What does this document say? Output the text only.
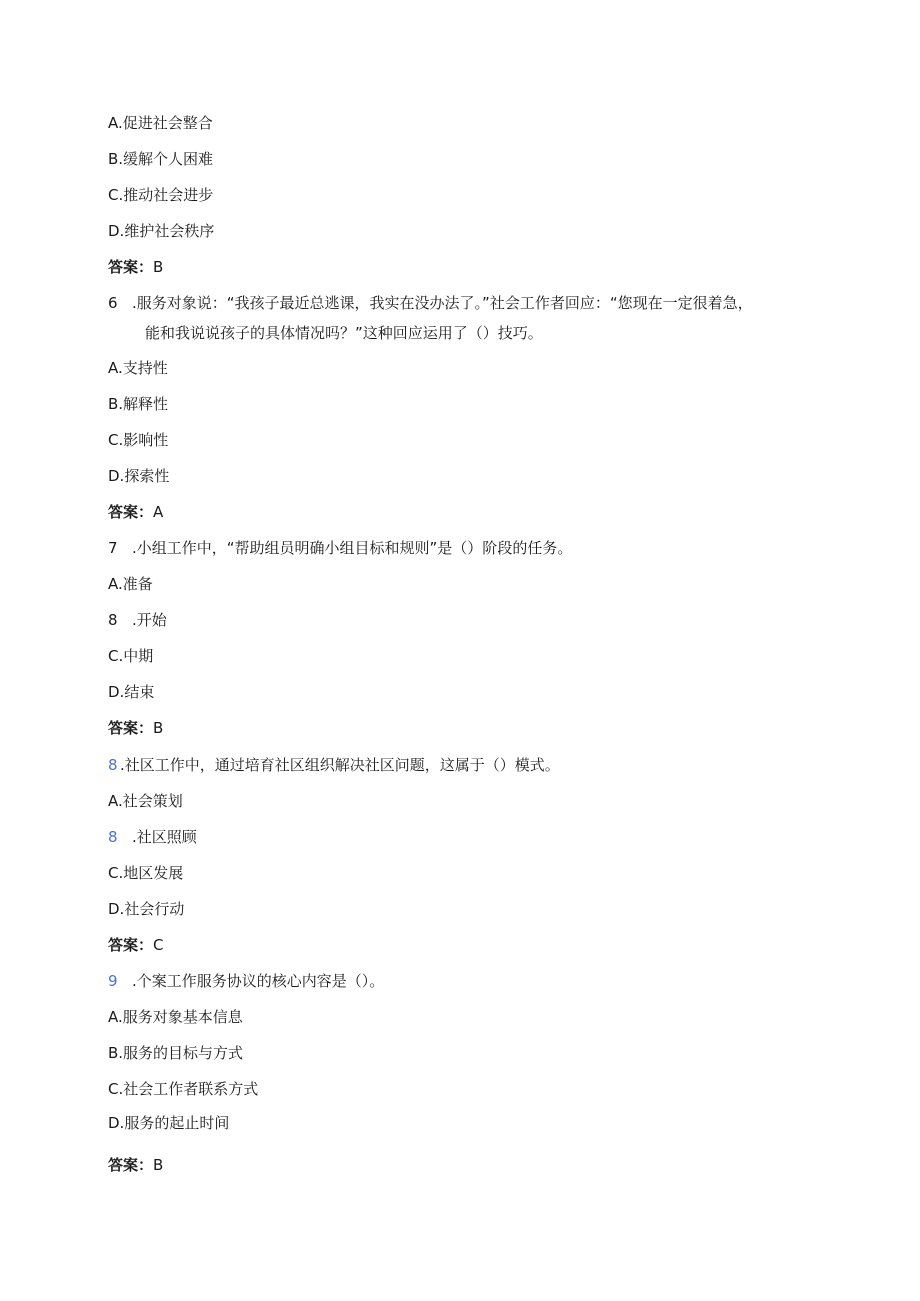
A.促进社会整合
B.缓解个人困难
C.推动社会进步
D.维护社会秩序
答案：B
6 .服务对象说：“我孩子最近总逃课，我实在没办法了。”社会工作者回应：“您现在一定很着急，
能和我说说孩子的具体情况吗？”这种回应运用了（）技巧。
A.支持性
B.解释性
C.影响性
D.探索性
答案：A
7 .小组工作中，“帮助组员明确小组目标和规则”是（）阶段的任务。
A.准备
8 .开始
C.中期
D.结束
答案：B
8 .社区工作中，通过培育社区组织解决社区问题，这属于（）模式。
A.社会策划
8 .社区照顾
C.地区发展
D.社会行动
答案：C
9 .个案工作服务协议的核心内容是（）。
A.服务对象基本信息
B.服务的目标与方式
C.社会工作者联系方式
D.服务的起止时间
答案：B
